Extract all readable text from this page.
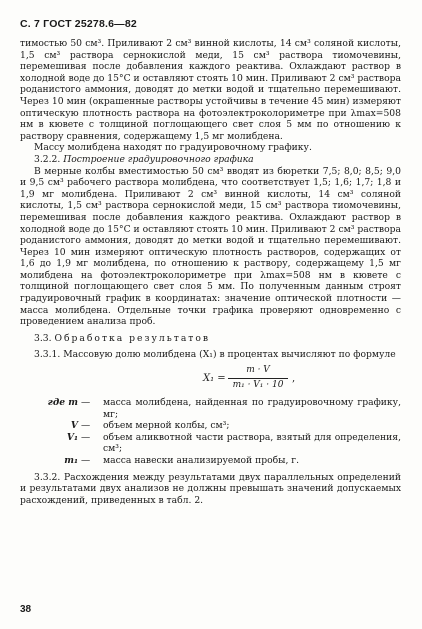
С. 7 ГОСТ 25278.6—82

тимостью 50 см³. Приливают 2 см³ винной кислоты, 14 см³ соляной кислоты, 1,5 см³ раствора сернокислой меди, 15 см³ раствора тиомочевины, перемешивая после добавления каждого реактива. Охлаждают раствор в холодной воде до 15°С и оставляют стоять 10 мин. Приливают 2 см³ раствора роданистого аммония, доводят до метки водой и тщательно перемешивают. Через 10 мин (окрашенные растворы устойчивы в течение 45 мин) измеряют оптическую плотность раствора на фотоэлектроколориметре при λmax=508 нм в кювете с толщиной поглощающего свет слоя 5 мм по отношению к раствору сравнения, содержащему 1,5 мг молибдена.

Массу молибдена находят по градуировочному графику.

3.2.2. Построение градуировочного графика

В мерные колбы вместимостью 50 см³ вводят из бюретки 7,5; 8,0; 8,5; 9,0 и 9,5 см³ рабочего раствора молибдена, что соответствует 1,5; 1,6; 1,7; 1,8 и 1,9 мг молибдена. Приливают 2 см³ винной кислоты, 14 см³ соляной кислоты, 1,5 см³ раствора сернокислой меди, 15 см³ раствора тиомочевины, перемешивая после добавления каждого реактива. Охлаждают раствор в холодной воде до 15°С и оставляют стоять 10 мин. Приливают 2 см³ раствора роданистого аммония, доводят до метки водой и тщательно перемешивают. Через 10 мин измеряют оптическую плотность растворов, содержащих от 1,6 до 1,9 мг молибдена, по отношению к раствору, содержащему 1,5 мг молибдена на фотоэлектроколориметре при λmax=508 нм в кювете с толщиной поглощающего свет слоя 5 мм. По полученным данным строят градуировочный график в координатах: значение оптической плотности — масса молибдена. Отдельные точки графика проверяют одновременно с проведением анализа проб.

3.3. Обработка результатов

3.3.1. Массовую долю молибдена (X₁) в процентах вычисляют по формуле

$X_1 = \frac{m \cdot V}{\text{m₁ · V₁ · 10}}$ ,
где m —	масса молибдена, найденная по градуировочному графику, мг;
V —	объем мерной колбы, см³;
V₁ —	объем аликвотной части раствора, взятый для определения, см³;
m₁ —	масса навески анализируемой пробы, г.

3.3.2. Расхождения между результатами двух параллельных определений и результатами двух анализов не должны превышать значений допускаемых расхождений, приведенных в табл. 2.

38
